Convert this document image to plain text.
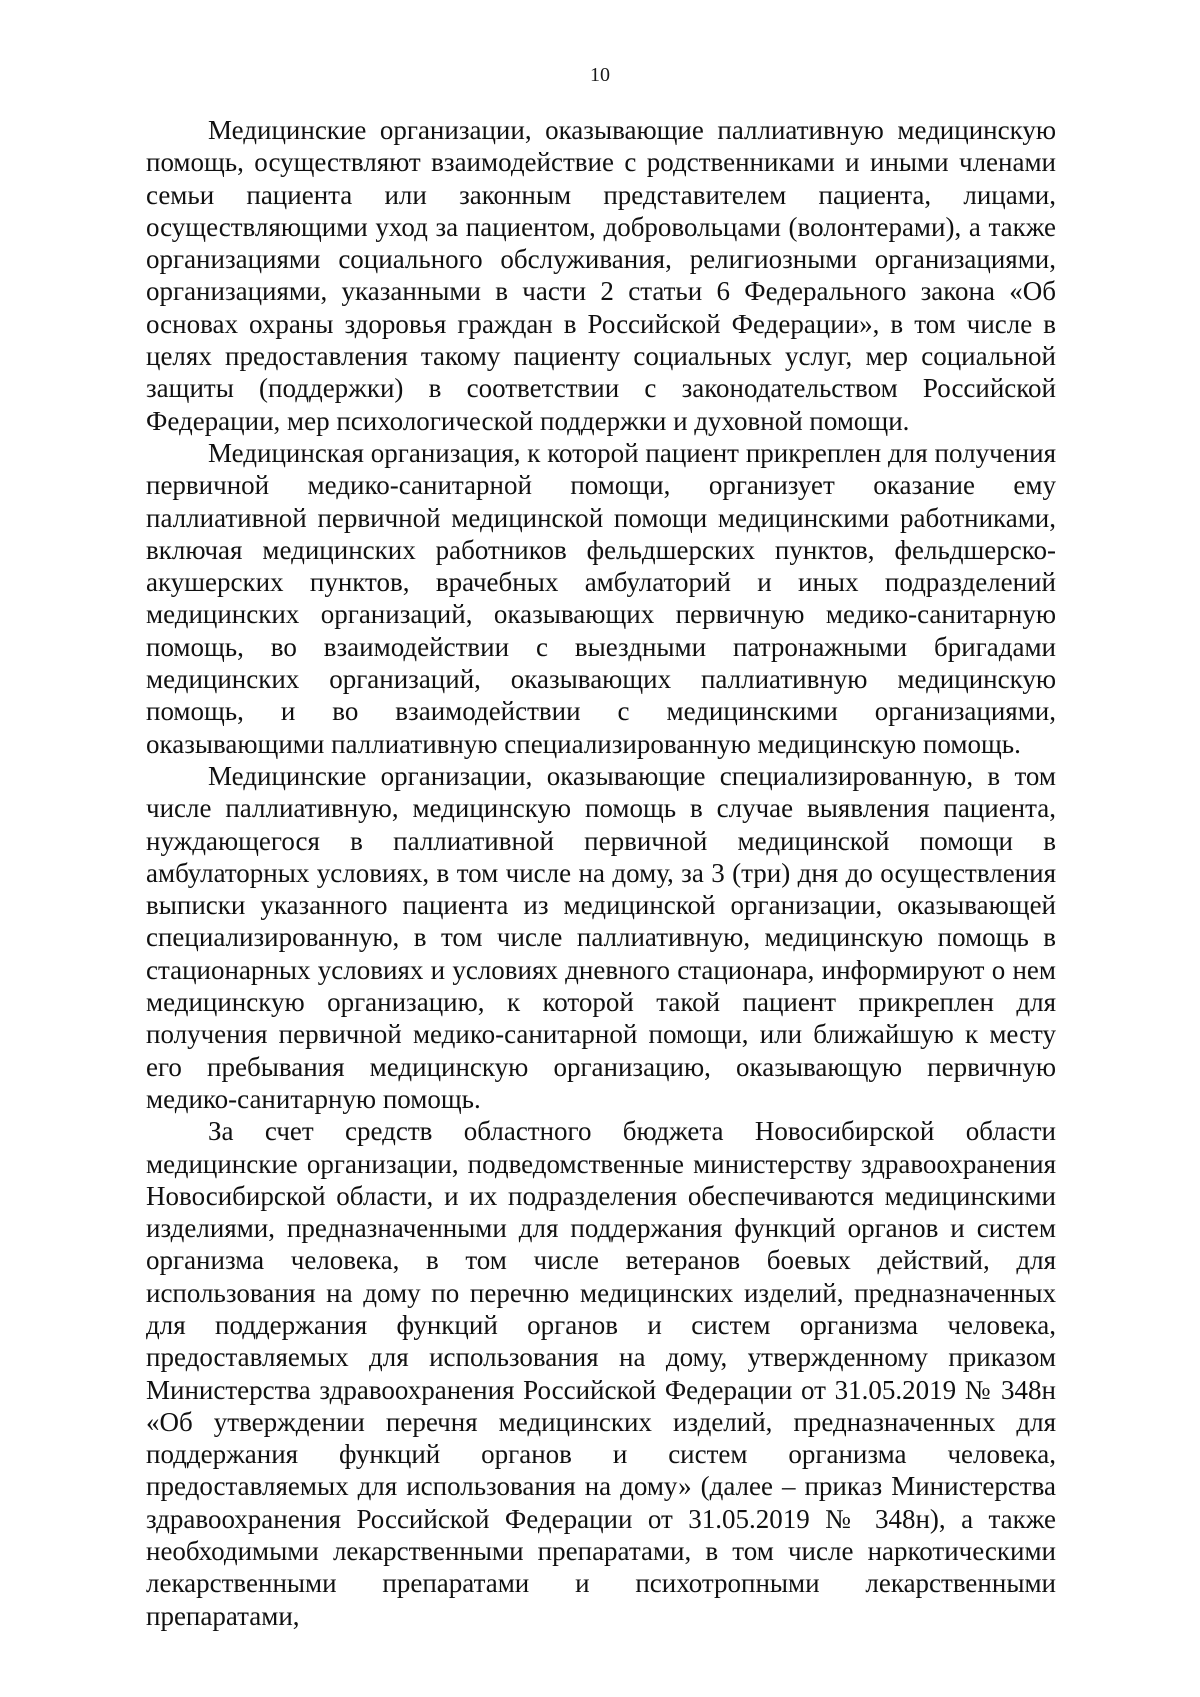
10

Медицинские организации, оказывающие паллиативную медицинскую помощь, осуществляют взаимодействие с родственниками и иными членами семьи пациента или законным представителем пациента, лицами, осуществляющими уход за пациентом, добровольцами (волонтерами), а также организациями социального обслуживания, религиозными организациями, организациями, указанными в части 2 статьи 6 Федерального закона «Об основах охраны здоровья граждан в Российской Федерации», в том числе в целях предоставления такому пациенту социальных услуг, мер социальной защиты (поддержки) в соответствии с законодательством Российской Федерации, мер психологической поддержки и духовной помощи.

Медицинская организация, к которой пациент прикреплен для получения первичной медико-санитарной помощи, организует оказание ему паллиативной первичной медицинской помощи медицинскими работниками, включая медицинских работников фельдшерских пунктов, фельдшерско-акушерских пунктов, врачебных амбулаторий и иных подразделений медицинских организаций, оказывающих первичную медико-санитарную помощь, во взаимодействии с выездными патронажными бригадами медицинских организаций, оказывающих паллиативную медицинскую помощь, и во взаимодействии с медицинскими организациями, оказывающими паллиативную специализированную медицинскую помощь.

Медицинские организации, оказывающие специализированную, в том числе паллиативную, медицинскую помощь в случае выявления пациента, нуждающегося в паллиативной первичной медицинской помощи в амбулаторных условиях, в том числе на дому, за 3 (три) дня до осуществления выписки указанного пациента из медицинской организации, оказывающей специализированную, в том числе паллиативную, медицинскую помощь в стационарных условиях и условиях дневного стационара, информируют о нем медицинскую организацию, к которой такой пациент прикреплен для получения первичной медико-санитарной помощи, или ближайшую к месту его пребывания медицинскую организацию, оказывающую первичную медико-санитарную помощь.

За счет средств областного бюджета Новосибирской области медицинские организации, подведомственные министерству здравоохранения Новосибирской области, и их подразделения обеспечиваются медицинскими изделиями, предназначенными для поддержания функций органов и систем организма человека, в том числе ветеранов боевых действий, для использования на дому по перечню медицинских изделий, предназначенных для поддержания функций органов и систем организма человека, предоставляемых для использования на дому, утвержденному приказом Министерства здравоохранения Российской Федерации от 31.05.2019 № 348н «Об утверждении перечня медицинских изделий, предназначенных для поддержания функций органов и систем организма человека, предоставляемых для использования на дому» (далее – приказ Министерства здравоохранения Российской Федерации от 31.05.2019 № 348н), а также необходимыми лекарственными препаратами, в том числе наркотическими лекарственными препаратами и психотропными лекарственными препаратами,
